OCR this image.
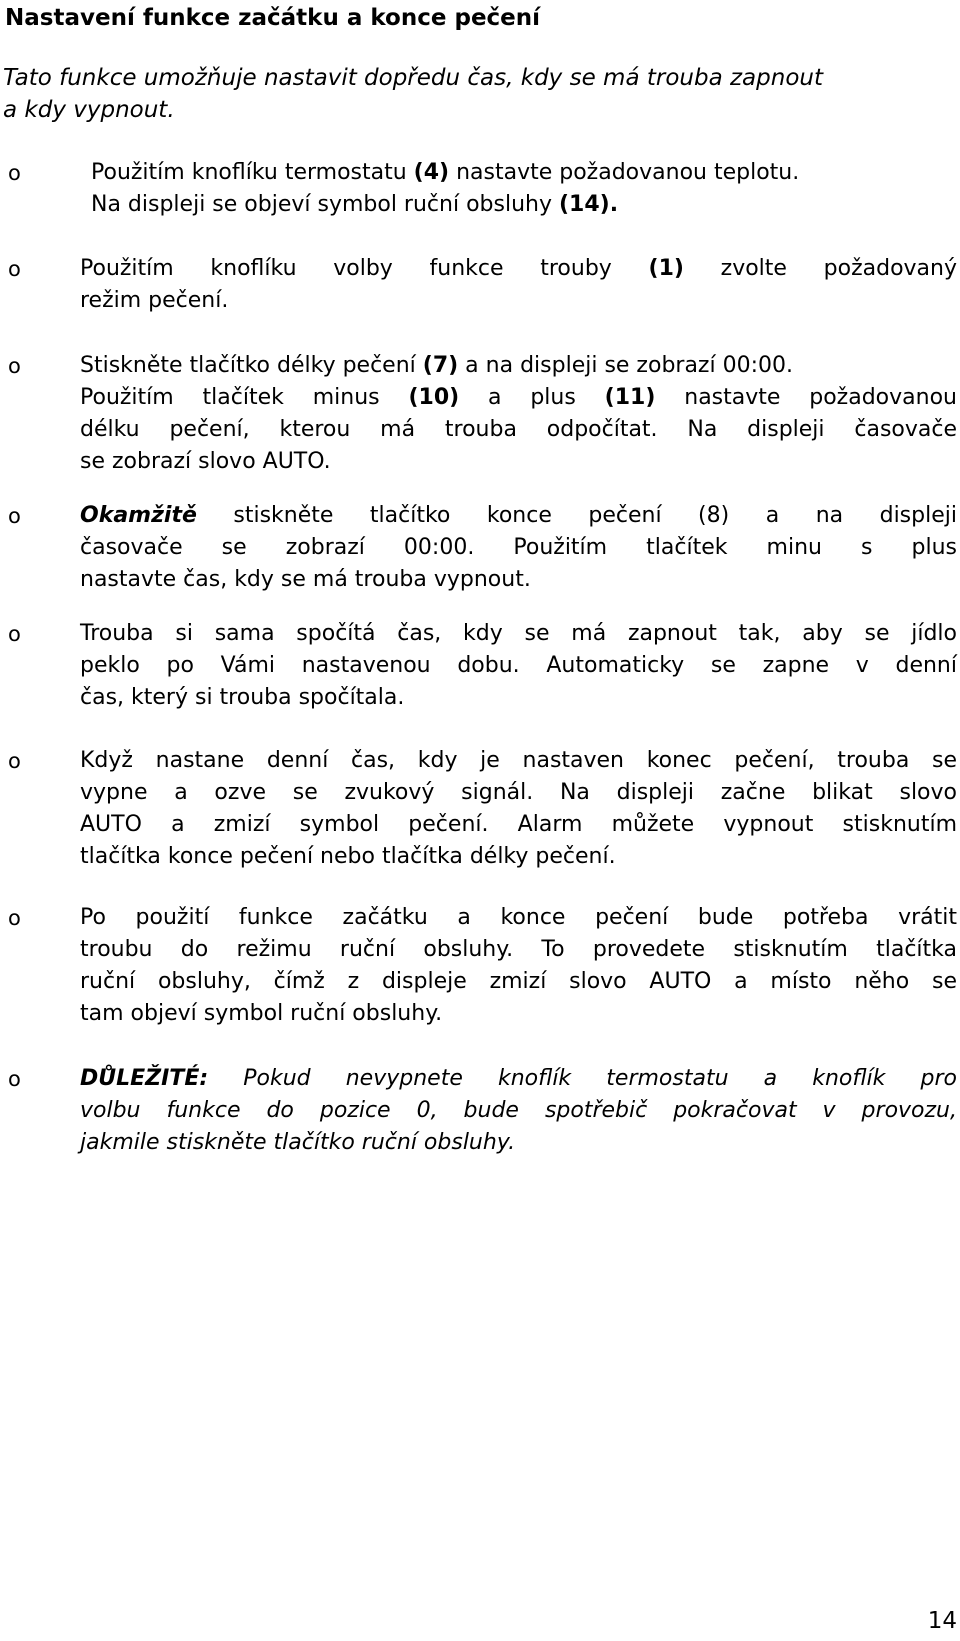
Nastavení funkce začátku a konce pečení
Tato funkce umožňuje nastavit dopředu čas, kdy se má trouba zapnout
a kdy vypnout.
o	Použitím knoflíku termostatu (4) nastavte požadovanou teplotu.
Na displeji se objeví symbol ruční obsluhy (14).
o	Použitím knoflíku volby funkce trouby (1) zvolte požadovaný
režim pečení.
o	Stiskněte tlačítko délky pečení (7) a na displeji se zobrazí 00:00.
Použitím tlačítek minus (10) a plus (11) nastavte požadovanou
délku pečení, kterou má trouba odpočítat. Na displeji časovače
se zobrazí slovo AUTO.
o	Okamžitě stiskněte tlačítko konce pečení (8) a na displeji
časovače se zobrazí 00:00. Použitím tlačítek minu s plus
nastavte čas, kdy se má trouba vypnout.
o	Trouba si sama spočítá čas, kdy se má zapnout tak, aby se jídlo
peklo po Vámi nastavenou dobu. Automaticky se zapne v denní
čas, který si trouba spočítala.
o	Když nastane denní čas, kdy je nastaven konec pečení, trouba se
vypne a ozve se zvukový signál. Na displeji začne blikat slovo
AUTO a zmizí symbol pečení. Alarm můžete vypnout stisknutím
tlačítka konce pečení nebo tlačítka délky pečení.
o	Po použití funkce začátku a konce pečení bude potřeba vrátit
troubu do režimu ruční obsluhy. To provedete stisknutím tlačítka
ruční obsluhy, čímž z displeje zmizí slovo AUTO a místo něho se
tam objeví symbol ruční obsluhy.
o	DŮLEŽITÉ: Pokud nevypnete knoflík termostatu a knoflík pro
volbu funkce do pozice 0, bude spotřebič pokračovat v provozu,
jakmile stiskněte tlačítko ruční obsluhy.
14
